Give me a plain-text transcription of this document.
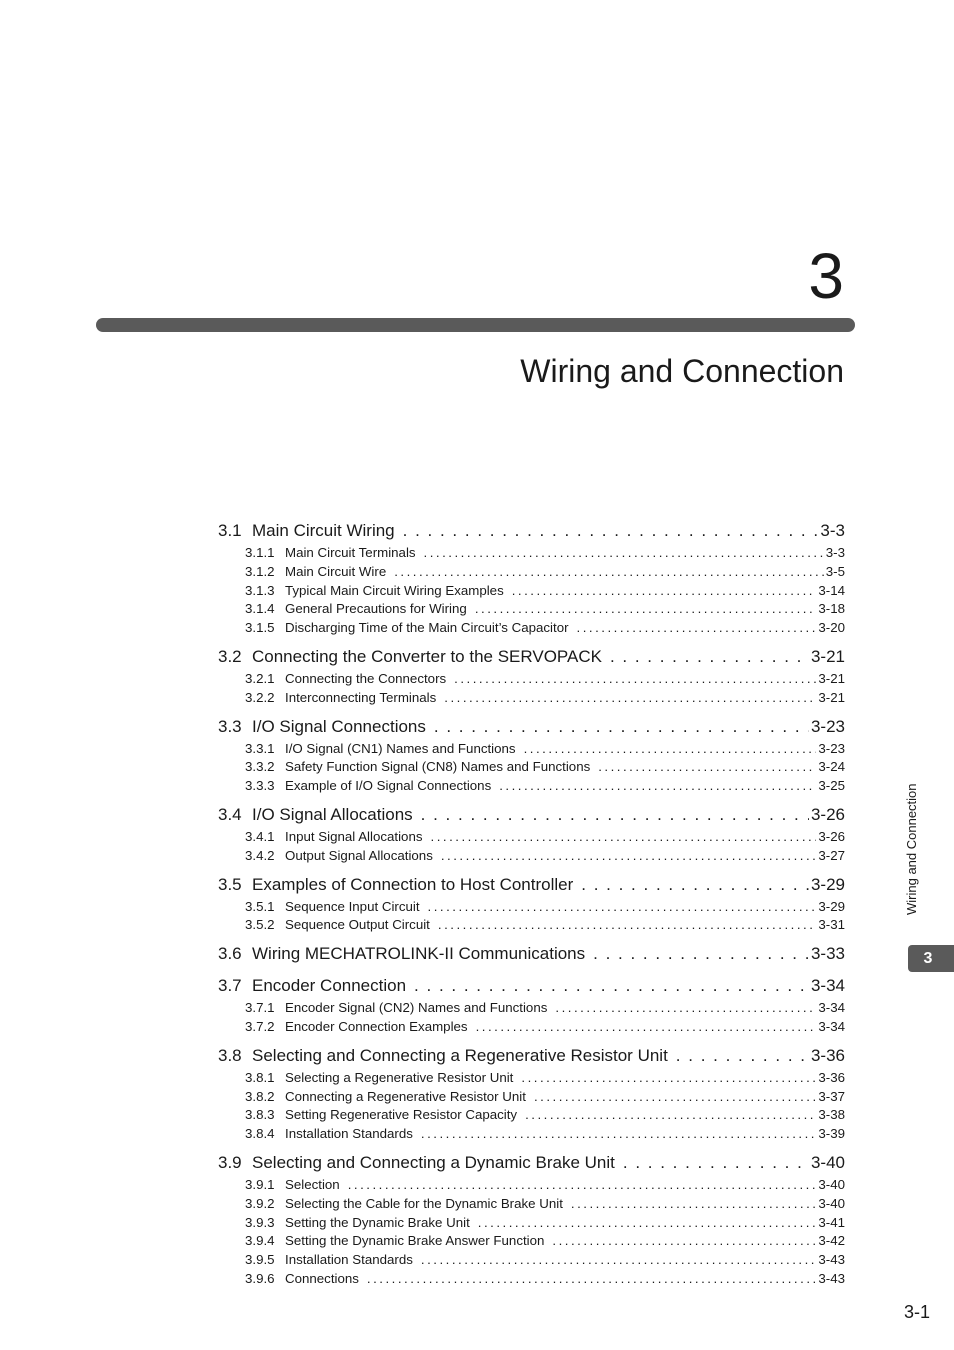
3
Wiring and Connection
3.1 Main Circuit Wiring . . .	3-3
3.1.1 Main Circuit Terminals . . .	3-3
3.1.2 Main Circuit Wire . . .	3-5
3.1.3 Typical Main Circuit Wiring Examples . . .	3-14
3.1.4 General Precautions for Wiring . . .	3-18
3.1.5 Discharging Time of the Main Circuit’s Capacitor . . .	3-20
3.2 Connecting the Converter to the SERVOPACK . . .	3-21
3.2.1 Connecting the Connectors . . .	3-21
3.2.2 Interconnecting Terminals . . .	3-21
3.3 I/O Signal Connections . . .	3-23
3.3.1 I/O Signal (CN1) Names and Functions . . .	3-23
3.3.2 Safety Function Signal (CN8) Names and Functions . . .	3-24
3.3.3 Example of I/O Signal Connections . . .	3-25
3.4 I/O Signal Allocations . . .	3-26
3.4.1 Input Signal Allocations . . .	3-26
3.4.2 Output Signal Allocations . . .	3-27
3.5 Examples of Connection to Host Controller . . .	3-29
3.5.1 Sequence Input Circuit . . .	3-29
3.5.2 Sequence Output Circuit . . .	3-31
3.6 Wiring MECHATROLINK-II Communications . . .	3-33
3.7 Encoder Connection . . .	3-34
3.7.1 Encoder Signal (CN2) Names and Functions . . .	3-34
3.7.2 Encoder Connection Examples . . .	3-34
3.8 Selecting and Connecting a Regenerative Resistor Unit . . .	3-36
3.8.1 Selecting a Regenerative Resistor Unit . . .	3-36
3.8.2 Connecting a Regenerative Resistor Unit . . .	3-37
3.8.3 Setting Regenerative Resistor Capacity . . .	3-38
3.8.4 Installation Standards . . .	3-39
3.9 Selecting and Connecting a Dynamic Brake Unit . . .	3-40
3.9.1 Selection . . .	3-40
3.9.2 Selecting the Cable for the Dynamic Brake Unit . . .	3-40
3.9.3 Setting the Dynamic Brake Unit . . .	3-41
3.9.4 Setting the Dynamic Brake Answer Function . . .	3-42
3.9.5 Installation Standards . . .	3-43
3.9.6 Connections . . .	3-43
Wiring and Connection
3
3-1
